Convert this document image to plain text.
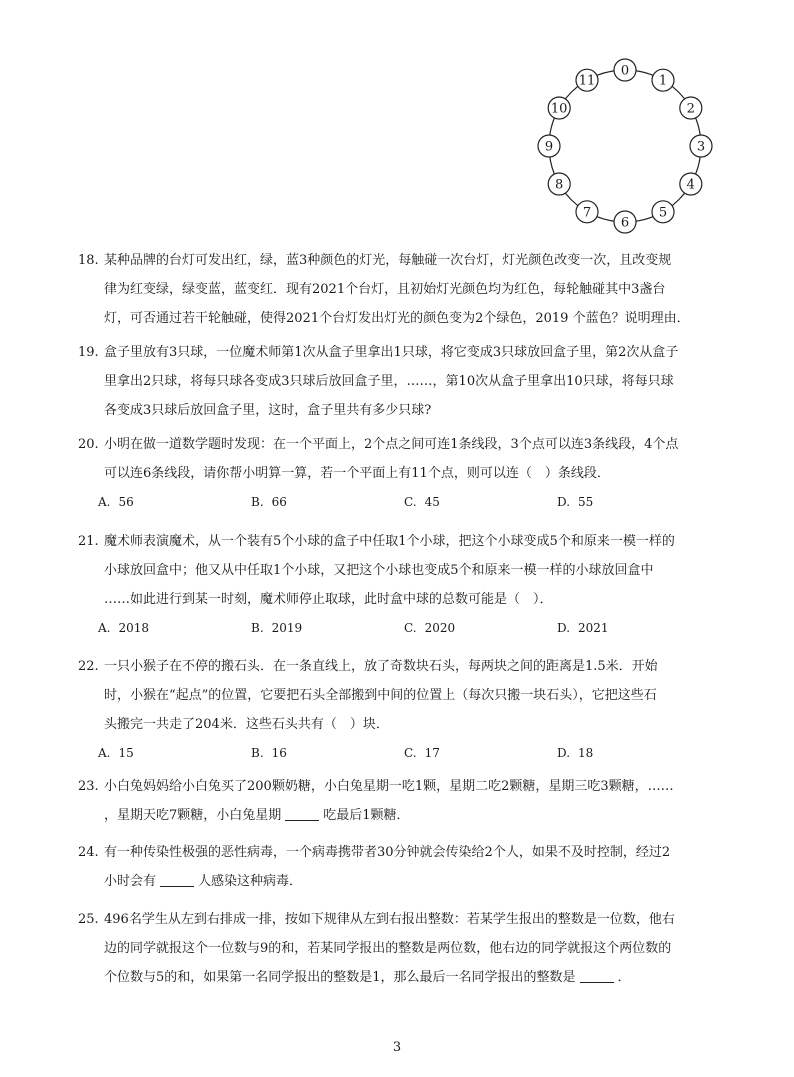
0
1
2
3
4
5
6
7
8
9
10
11
18. 某种品牌的台灯可发出红，绿，蓝3种颜色的灯光，每触碰一次台灯，灯光颜色改变一次，且改变规
律为红变绿，绿变蓝，蓝变红．现有2021个台灯，且初始灯光颜色均为红色，每轮触碰其中3盏台
灯，可否通过若干轮触碰，使得2021个台灯发出灯光的颜色变为2个绿色，2019 个蓝色？说明理由．
19. 盒子里放有3只球，一位魔术师第1次从盒子里拿出1只球，将它变成3只球放回盒子里，第2次从盒子
里拿出2只球，将每只球各变成3只球后放回盒子里，……，第10次从盒子里拿出10只球，将每只球
各变成3只球后放回盒子里，这时，盒子里共有多少只球?
20. 小明在做一道数学题时发现：在一个平面上，2个点之间可连1条线段，3个点可以连3条线段，4个点
可以连6条线段，请你帮小明算一算，若一个平面上有11个点，则可以连（　）条线段．
A. 56	B. 66	C. 45	D. 55
21. 魔术师表演魔术，从一个装有5个小球的盒子中任取1个小球，把这个小球变成5个和原来一模一样的
小球放回盒中；他又从中任取1个小球，又把这个小球也变成5个和原来一模一样的小球放回盒中
……如此进行到某一时刻，魔术师停止取球，此时盒中球的总数可能是（　）．
A. 2018	B. 2019	C. 2020	D. 2021
22. 一只小猴子在不停的搬石头．在一条直线上，放了奇数块石头，每两块之间的距离是1.5米．开始
时，小猴在“起点”的位置，它要把石头全部搬到中间的位置上（每次只搬一块石头），它把这些石
头搬完一共走了204米．这些石头共有（　）块．
A. 15	B. 16	C. 17	D. 18
23. 小白兔妈妈给小白兔买了200颗奶糖，小白兔星期一吃1颗，星期二吃2颗糖，星期三吃3颗糖，……
，星期天吃7颗糖，小白兔星期	吃最后1颗糖．
24. 有一种传染性极强的恶性病毒，一个病毒携带者30分钟就会传染给2个人，如果不及时控制，经过2
小时会有	人感染这种病毒．
25. 496名学生从左到右排成一排，按如下规律从左到右报出整数：若某学生报出的整数是一位数，他右
边的同学就报这个一位数与9的和，若某同学报出的整数是两位数，他右边的同学就报这个两位数的
个位数与5的和，如果第一名同学报出的整数是1，那么最后一名同学报出的整数是	．
3
